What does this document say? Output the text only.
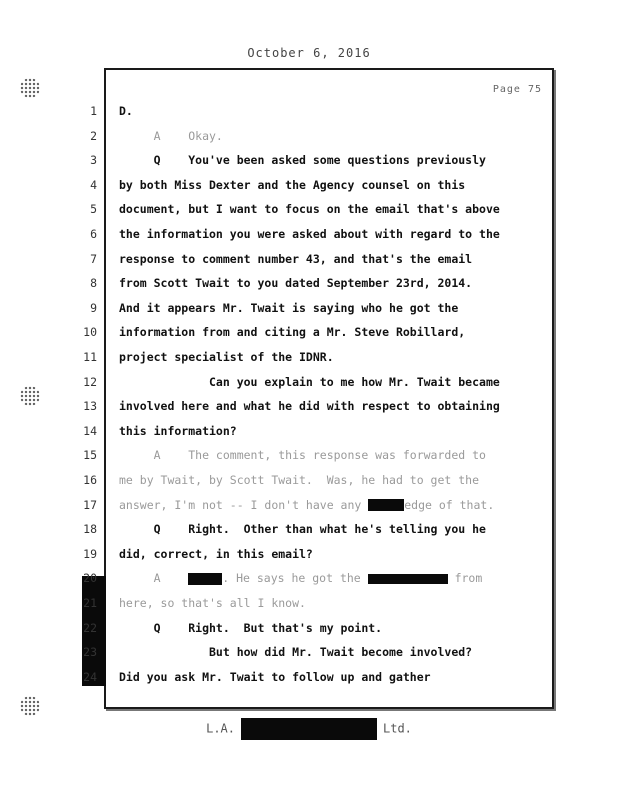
October 6, 2016
Page 75
1 D.
2 A    Okay.
3 Q    You've been asked some questions previously
4 by both Miss Dexter and the Agency counsel on this
5 document, but I want to focus on the email that's above
6 the information you were asked about with regard to the
7 response to comment number 43, and that's the email
8 from Scott Twait to you dated September 23rd, 2014.
9 And it appears Mr. Twait is saying who he got the
10 information from and citing a Mr. Steve Robillard,
11 project specialist of the IDNR.
12 Can you explain to me how Mr. Twait became
13 involved here and what he did with respect to obtaining
14 this information?
15 A    The comment, this response was forwarded to
16 me by Twait, by Scott Twait.  Was, he had to get the
17 answer, I'm not -- I don't have any	edge of that.
18 Q    Right.  Other than what he's telling you he
19 did, correct, in this email?
20 A	. He says he got the	from
21 here, so that's all I know.
22 Q    Right.  But that's my point.
23 But how did Mr. Twait become involved?
24 Did you ask Mr. Twait to follow up and gather
L.A.	Ltd.
